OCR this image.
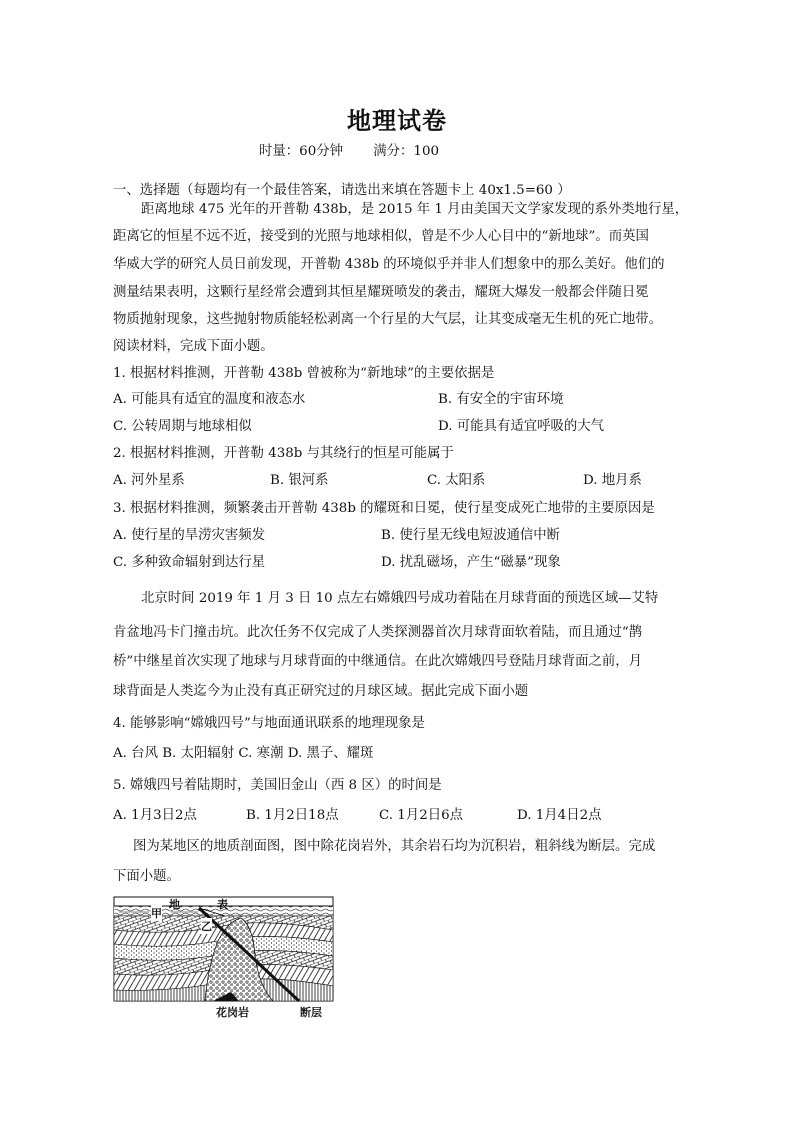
地理试卷
时量：60分钟 满分：100
一、选择题（每题均有一个最佳答案，请选出来填在答题卡上 40x1.5=60 ）
距离地球 475 光年的开普勒 438b，是 2015 年 1 月由美国天文学家发现的系外类地行星，
距离它的恒星不远不近，接受到的光照与地球相似，曾是不少人心目中的“新地球”。而英国
华威大学的研究人员日前发现，开普勒 438b 的环境似乎并非人们想象中的那么美好。他们的
测量结果表明，这颗行星经常会遭到其恒星耀斑喷发的袭击，耀斑大爆发一般都会伴随日冕
物质抛射现象，这些抛射物质能轻松剥离一个行星的大气层，让其变成毫无生机的死亡地带。
阅读材料，完成下面小题。
1. 根据材料推测，开普勒 438b 曾被称为“新地球”的主要依据是
A. 可能具有适宜的温度和液态水	B. 有安全的宇宙环境
C. 公转周期与地球相似	D. 可能具有适宜呼吸的大气
2. 根据材料推测，开普勒 438b 与其绕行的恒星可能属于
A. 河外星系	B. 银河系	C. 太阳系	D. 地月系
3. 根据材料推测，频繁袭击开普勒 438b 的耀斑和日冕，使行星变成死亡地带的主要原因是
A. 使行星的旱涝灾害频发	B. 使行星无线电短波通信中断
C. 多种致命辐射到达行星	D. 扰乱磁场，产生“磁暴”现象
北京时间 2019 年 1 月 3 日 10 点左右嫦娥四号成功着陆在月球背面的预选区域—艾特
肯盆地冯卡门撞击坑。此次任务不仅完成了人类探测器首次月球背面软着陆，而且通过“鹊
桥”中继星首次实现了地球与月球背面的中继通信。在此次嫦娥四号登陆月球背面之前，月
球背面是人类迄今为止没有真正研究过的月球区域。据此完成下面小题
4. 能够影响“嫦娥四号”与地面通讯联系的地理现象是
A. 台风 B. 太阳辐射 C. 寒潮 D. 黑子、耀斑
5. 嫦娥四号着陆期时，美国旧金山（西 8 区）的时间是
A. 1月3日2点	B. 1月2日18点	C. 1月2日6点	D. 1月4日2点
图为某地区的地质剖面图，图中除花岗岩外，其余岩石均为沉积岩，粗斜线为断层。完成
下面小题。
地	表
甲
乙
花岗岩	断层
